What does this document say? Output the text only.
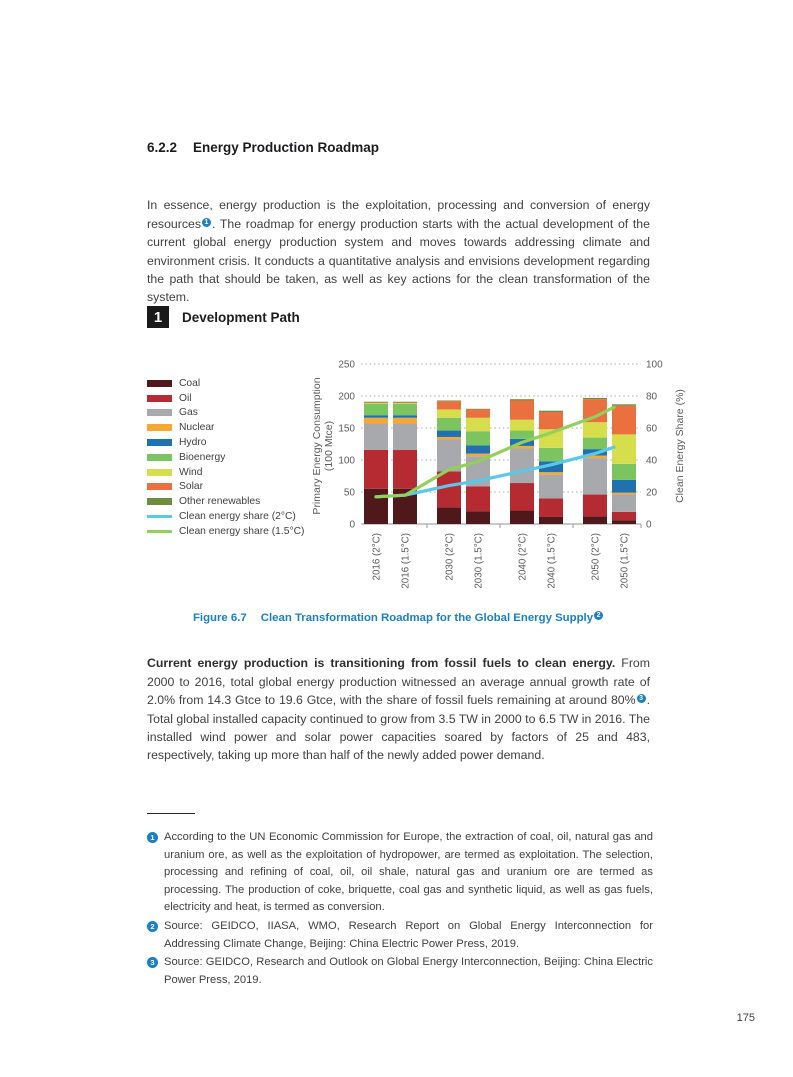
6.2.2 Energy Production Roadmap

In essence, energy production is the exploitation, processing and conversion of energy resources 1 . The roadmap for energy production starts with the actual development of the current global energy production system and moves towards addressing climate and environment crisis. It conducts a quantitative analysis and envisions development regarding the path that should be taken, as well as key actions for the clean transformation of the system.

1	Development Path
Coal
Oil
Gas
Nuclear
Hydro
Bioenergy
Wind
Solar
Other renewables
Clean energy share (2°C)
Clean energy share (1.5°C)
0
50
100
150
200
250
0
20
40
60
80
100
Primary Energy Consumption (100 Mtce)	Clean Energy Share (%)
2016 (2°C) 2016 (1.5°C)	2030 (2°C) 2030 (1.5°C)	2040 (2°C) 2040 (1.5°C)	2050 (2°C) 2050 (1.5°C)
Figure 6.7 Clean Transformation Roadmap for the Global Energy Supply 2

Current energy production is transitioning from fossil fuels to clean energy. From 2000 to 2016, total global energy production witnessed an average annual growth rate of 2.0% from 14.3 Gtce to 19.6 Gtce, with the share of fossil fuels remaining at around 80% 3 . Total global installed capacity continued to grow from 3.5 TW in 2000 to 6.5 TW in 2016. The installed wind power and solar power capacities soared by factors of 25 and 483, respectively, taking up more than half of the newly added power demand.

1 According to the UN Economic Commission for Europe, the extraction of coal, oil, natural gas and uranium ore, as well as the exploitation of hydropower, are termed as exploitation. The selection, processing and refining of coal, oil, oil shale, natural gas and uranium ore are termed as processing. The production of coke, briquette, coal gas and synthetic liquid, as well as gas fuels, electricity and heat, is termed as conversion.
2 Source: GEIDCO, IIASA, WMO, Research Report on Global Energy Interconnection for Addressing Climate Change, Beijing: China Electric Power Press, 2019.
3 Source: GEIDCO, Research and Outlook on Global Energy Interconnection, Beijing: China Electric Power Press, 2019.
175
